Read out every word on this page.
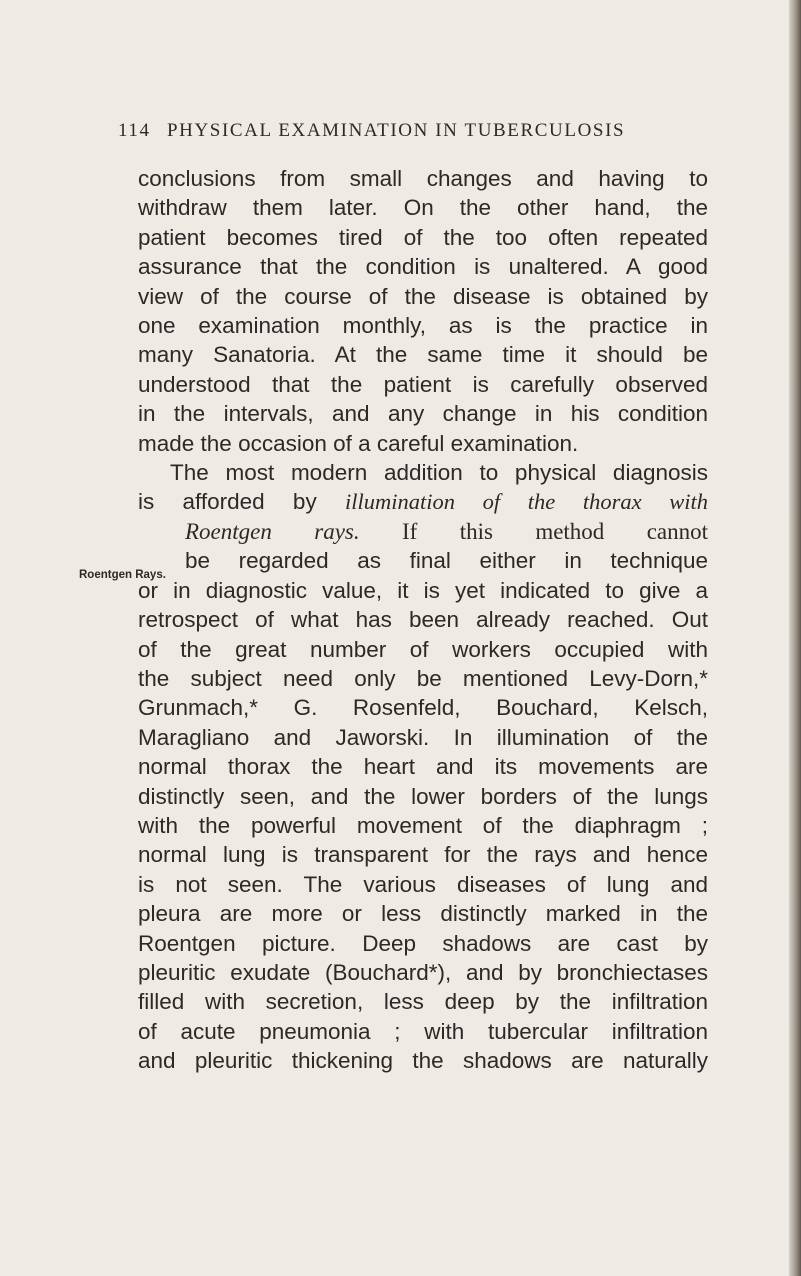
114 PHYSICAL EXAMINATION IN TUBERCULOSIS
Roentgen Rays.
conclusions from small changes and having to
withdraw them later. On the other hand, the
patient becomes tired of the too often repeated
assurance that the condition is unaltered. A good
view of the course of the disease is obtained by
one examination monthly, as is the practice in
many Sanatoria. At the same time it should be
understood that the patient is carefully observed
in the intervals, and any change in his condition
made the occasion of a careful examination.
The most modern addition to physical diagnosis
is afforded by illumination of the thorax with
Roentgen rays. If this method cannot
be regarded as final either in technique
or in diagnostic value, it is yet indicated to give a
retrospect of what has been already reached. Out
of the great number of workers occupied with
the subject need only be mentioned Levy-Dorn,*
Grunmach,* G. Rosenfeld, Bouchard, Kelsch,
Maragliano and Jaworski. In illumination of the
normal thorax the heart and its movements are
distinctly seen, and the lower borders of the lungs
with the powerful movement of the diaphragm ;
normal lung is transparent for the rays and hence
is not seen. The various diseases of lung and
pleura are more or less distinctly marked in the
Roentgen picture. Deep shadows are cast by
pleuritic exudate (Bouchard*), and by bronchiectases
filled with secretion, less deep by the infiltration
of acute pneumonia ; with tubercular infiltration
and pleuritic thickening the shadows are naturally
